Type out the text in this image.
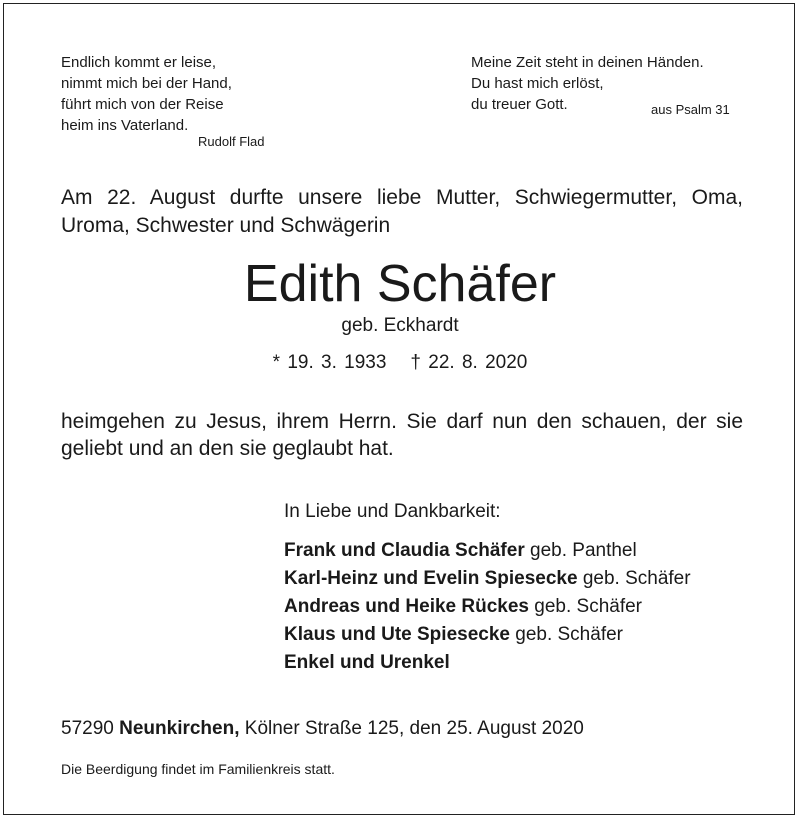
Endlich kommt er leise,
nimmt mich bei der Hand,
führt mich von der Reise
heim ins Vaterland.
Rudolf Flad
Meine Zeit steht in deinen Händen.
Du hast mich erlöst,
du treuer Gott.	aus Psalm 31
Am 22. August durfte unsere liebe Mutter, Schwiegermutter, Oma, Uroma, Schwester und Schwägerin
Edith Schäfer
geb. Eckhardt
* 19. 3. 1933 † 22. 8. 2020
heimgehen zu Jesus, ihrem Herrn. Sie darf nun den schauen, der sie geliebt und an den sie geglaubt hat.
In Liebe und Dankbarkeit:
Frank und Claudia Schäfer geb. Panthel
Karl-Heinz und Evelin Spiesecke geb. Schäfer
Andreas und Heike Rückes geb. Schäfer
Klaus und Ute Spiesecke geb. Schäfer
Enkel und Urenkel
57290 Neunkirchen, Kölner Straße 125, den 25. August 2020
Die Beerdigung findet im Familienkreis statt.
